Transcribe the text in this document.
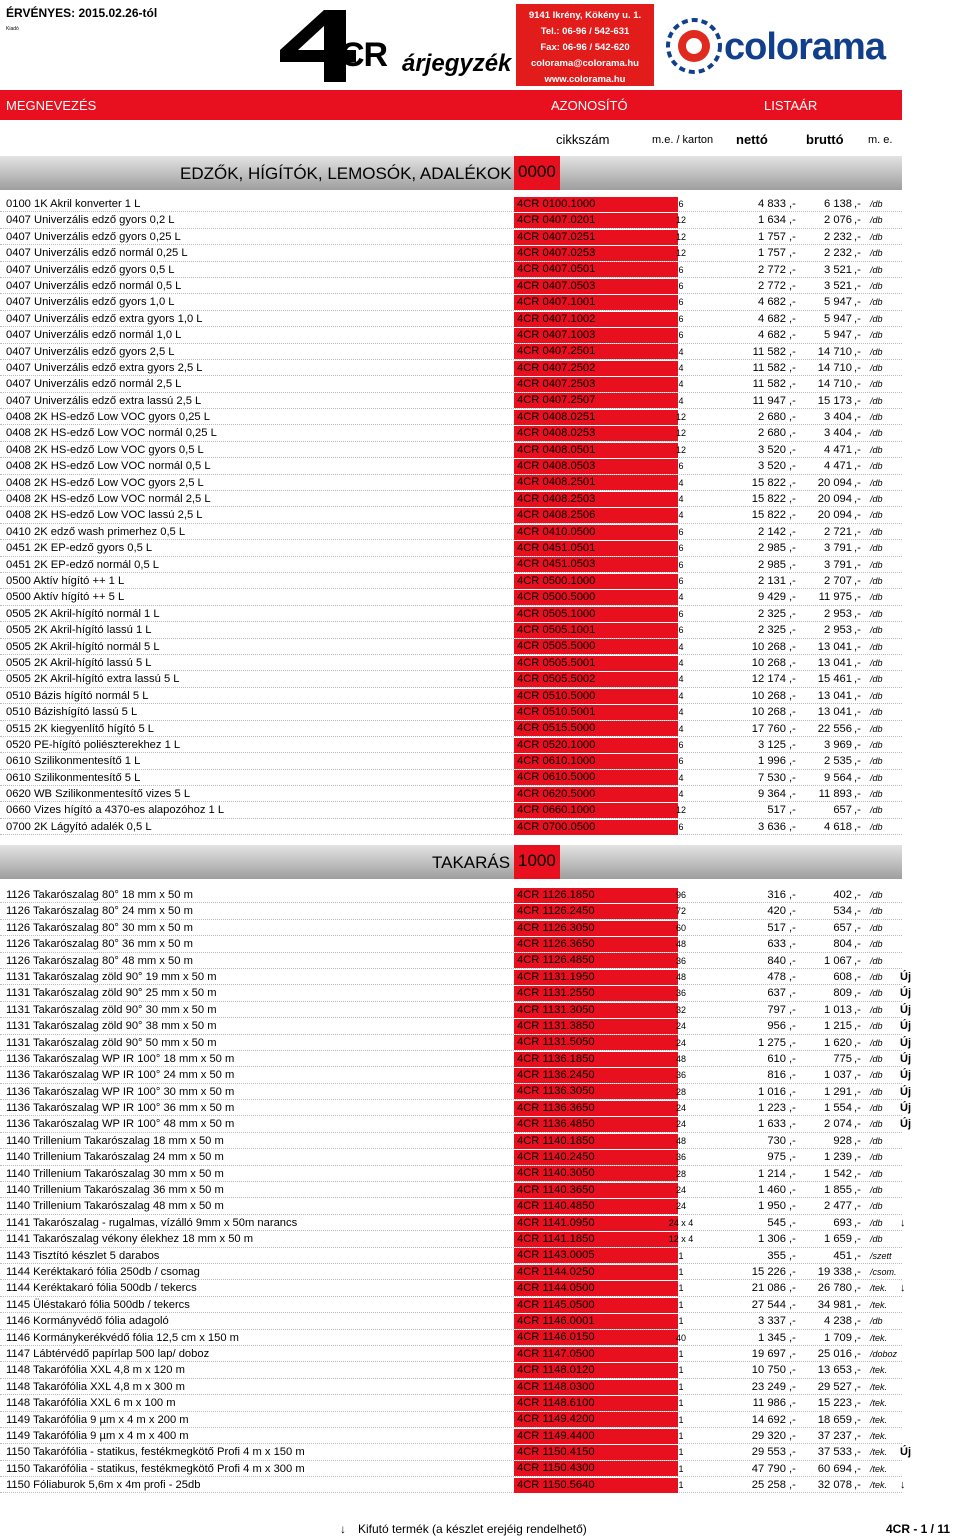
ÉRVÉNYES: 2015.02.26-tól
Kiadó
CR árjegyzék
9141 Ikrény, Kökény u. 1.
Tel.: 06-96 / 542-631
Fax: 06-96 / 542-620
colorama@colorama.hu
www.colorama.hu
colorama
MEGNEVEZÉS	AZONOSÍTÓ	LISTAÁR
cikkszám	m.e. / karton nettó	bruttó m. e.
EDZŐK, HÍGÍTÓK, LEMOSÓK, ADALÉKOK 0000
0100 1K Akril konverter 1 L	4CR 0100.1000	6	4 833	6 138 ,- /db
,-
0407 Univerzális edző gyors 0,2 L	4CR 0407.0201	12	1 634	2 076 ,- /db
,-
0407 Univerzális edző gyors 0,25 L	4CR 0407.0251	12	1 757	2 232 ,- /db
,-
0407 Univerzális edző normál 0,25 L	4CR 0407.0253	12	1 757	2 232 ,- /db
,-
0407 Univerzális edző gyors 0,5 L	4CR 0407.0501	6	2 772	3 521 ,- /db
,-
0407 Univerzális edző normál 0,5 L	4CR 0407.0503	6	2 772	3 521 ,- /db
,-
0407 Univerzális edző gyors 1,0 L	4CR 0407.1001	6	4 682	5 947 ,- /db
,-
0407 Univerzális edző extra gyors 1,0 L	4CR 0407.1002	6	4 682	5 947 ,- /db
,-
0407 Univerzális edző normál 1,0 L	4CR 0407.1003	6	4 682	5 947 ,- /db
,-
0407 Univerzális edző gyors 2,5 L	4CR 0407.2501	4	11 582	14 710 ,- /db
,-
0407 Univerzális edző extra gyors 2,5 L	4CR 0407.2502	4	11 582	14 710 ,- /db
,-
0407 Univerzális edző normál 2,5 L	4CR 0407.2503	4	11 582	14 710 ,- /db
,-
0407 Univerzális edző extra lassú 2,5 L	4CR 0407.2507	4	11 947	15 173 ,- /db
,-
0408 2K HS-edző Low VOC gyors 0,25 L	4CR 0408.0251	12	2 680	3 404 ,- /db
,-
0408 2K HS-edző Low VOC normál 0,25 L	4CR 0408.0253	12	2 680	3 404 ,- /db
,-
0408 2K HS-edző Low VOC gyors 0,5 L	4CR 0408.0501	12	3 520	4 471 ,- /db
,-
0408 2K HS-edző Low VOC normál 0,5 L	4CR 0408.0503	6	3 520	4 471 ,- /db
,-
0408 2K HS-edző Low VOC gyors 2,5 L	4CR 0408.2501	4	15 822	20 094 ,- /db
,-
0408 2K HS-edző Low VOC normál 2,5 L	4CR 0408.2503	4	15 822	20 094 ,- /db
,-
0408 2K HS-edző Low VOC lassú 2,5 L	4CR 0408.2506	4	15 822	20 094 ,- /db
,-
0410 2K edző wash primerhez 0,5 L	4CR 0410.0500	6	2 142	2 721 ,- /db
,-
0451 2K EP-edző gyors 0,5 L	4CR 0451.0501	6	2 985	3 791 ,- /db
,-
0451 2K EP-edző normál 0,5 L	4CR 0451.0503	6	2 985	3 791 ,- /db
,-
0500 Aktív hígító ++ 1 L	4CR 0500.1000	6	2 131	2 707 ,- /db
,-
0500 Aktív hígító ++ 5 L	4CR 0500.5000	4	9 429	11 975 ,- /db
,-
0505 2K Akril-hígító normál 1 L	4CR 0505.1000	6	2 325	2 953 ,- /db
,-
0505 2K Akril-hígító lassú 1 L	4CR 0505.1001	6	2 325	2 953 ,- /db
,-
0505 2K Akril-hígító normál 5 L	4CR 0505.5000	4	10 268	13 041 ,- /db
,-
0505 2K Akril-hígító lassú 5 L	4CR 0505.5001	4	10 268	13 041 ,- /db
,-
0505 2K Akril-hígító extra lassú 5 L	4CR 0505.5002	4	12 174	15 461 ,- /db
,-
0510 Bázis hígító normál 5 L	4CR 0510.5000	4	10 268	13 041 ,- /db
,-
0510 Bázishígító lassú 5 L	4CR 0510.5001	4	10 268	13 041 ,- /db
,-
0515 2K kiegyenlítő hígító 5 L	4CR 0515.5000	4	17 760	22 556 ,- /db
,-
0520 PE-hígító poliészterekhez 1 L	4CR 0520.1000	6	3 125	3 969 ,- /db
,-
0610 Szilikonmentesítő 1 L	4CR 0610.1000	6	1 996	2 535 ,- /db
,-
0610 Szilikonmentesítő 5 L	4CR 0610.5000	4	7 530	9 564 ,- /db
,-
0620 WB Szilikonmentesítő vizes 5 L	4CR 0620.5000	4	9 364	11 893 ,- /db
,-
0660 Vizes hígító a 4370-es alapozóhoz 1 L	4CR 0660.1000	12	517	657 ,- /db
,-
0700 2K Lágyító adalék 0,5 L	4CR 0700.0500	6	3 636	4 618 ,- /db
,-
TAKARÁS 1000
1126 Takarószalag 80° 18 mm x 50 m	4CR 1126.1850	96	316	402 ,- /db
,-
1126 Takarószalag 80° 24 mm x 50 m	4CR 1126.2450	72	420	534 ,- /db
,-
1126 Takarószalag 80° 30 mm x 50 m	4CR 1126.3050	60	517	657 ,- /db
,-
1126 Takarószalag 80° 36 mm x 50 m	4CR 1126.3650	48	633	804 ,- /db
,-
1126 Takarószalag 80° 48 mm x 50 m	4CR 1126.4850	36	840	1 067 ,- /db
,-
1131 Takarószalag zöld 90° 19 mm x 50 m	4CR 1131.1950	48	478	608 ,- /db Új
,-
1131 Takarószalag zöld 90° 25 mm x 50 m	4CR 1131.2550	36	637	809 ,- /db Új
,-
1131 Takarószalag zöld 90° 30 mm x 50 m	4CR 1131.3050	32	797	1 013 ,- /db Új
,-
1131 Takarószalag zöld 90° 38 mm x 50 m	4CR 1131.3850	24	956	1 215 ,- /db Új
,-
1131 Takarószalag zöld 90° 50 mm x 50 m	4CR 1131.5050	24	1 275	1 620 ,- /db Új
,-
1136 Takarószalag WP IR 100° 18 mm x 50 m	4CR 1136.1850	48	610	775 ,- /db Új
,-
1136 Takarószalag WP IR 100° 24 mm x 50 m	4CR 1136.2450	36	816	1 037 ,- /db Új
,-
1136 Takarószalag WP IR 100° 30 mm x 50 m	4CR 1136.3050	28	1 016	1 291 ,- /db Új
,-
1136 Takarószalag WP IR 100° 36 mm x 50 m	4CR 1136.3650	24	1 223	1 554 ,- /db Új
,-
1136 Takarószalag WP IR 100° 48 mm x 50 m	4CR 1136.4850	24	1 633	2 074 ,- /db Új
,-
1140 Trillenium Takarószalag 18 mm x 50 m	4CR 1140.1850	48	730	928 ,- /db
,-
1140 Trillenium Takarószalag 24 mm x 50 m	4CR 1140.2450	36	975	1 239 ,- /db
,-
1140 Trillenium Takarószalag 30 mm x 50 m	4CR 1140.3050	28	1 214	1 542 ,- /db
,-
1140 Trillenium Takarószalag 36 mm x 50 m	4CR 1140.3650	24	1 460	1 855 ,- /db
,-
1140 Trillenium Takarószalag 48 mm x 50 m	4CR 1140.4850	24	1 950	2 477 ,- /db
,-
1141 Takarószalag - rugalmas, vízálló 9mm x 50m narancs	4CR 1141.0950	24 x 4	545	693 ,- /db ↓
,-
1141 Takarószalag vékony élekhez 18 mm x 50 m	4CR 1141.1850	12 x 4	1 306	1 659 ,- /db
,-
1143 Tisztító készlet 5 darabos	4CR 1143.0005	1	355	451 ,- /szett
,-
1144 Keréktakaró fólia 250db / csomag	4CR 1144.0250	1	15 226	19 338 ,- /csom.
,-
1144 Keréktakaró fólia 500db / tekercs	4CR 1144.0500	1	21 086	26 780 ,- /tek. ↓
,-
1145 Üléstakaró fólia 500db / tekercs	4CR 1145.0500	1	27 544	34 981 ,- /tek.
,-
1146 Kormányvédő fólia adagoló	4CR 1146.0001	1	3 337	4 238 ,- /db
,-
1146 Kormánykerékvédő fólia 12,5 cm x 150 m	4CR 1146.0150	40	1 345	1 709 ,- /tek.
,-
1147 Lábtérvédő papírlap 500 lap/ doboz	4CR 1147.0500	1	19 697	25 016 ,- /doboz
,-
1148 Takarófólia XXL 4,8 m x 120 m	4CR 1148.0120	1	10 750	13 653 ,- /tek.
,-
1148 Takarófólia XXL 4,8 m x 300 m	4CR 1148.0300	1	23 249	29 527 ,- /tek.
,-
1148 Takarófólia XXL 6 m x 100 m	4CR 1148.6100	1	11 986	15 223 ,- /tek.
,-
1149 Takarófólia 9 µm x 4 m x 200 m	4CR 1149.4200	1	14 692	18 659 ,- /tek.
,-
1149 Takarófólia 9 µm x 4 m x 400 m	4CR 1149.4400	1	29 320	37 237 ,- /tek.
,-
1150 Takarófólia - statikus, festékmegkötő Profi 4 m x 150 m	4CR 1150.4150	1	29 553	37 533 ,- /tek. Új
,-
1150 Takarófólia - statikus, festékmegkötő Profi 4 m x 300 m	4CR 1150.4300	1	47 790	60 694 ,- /tek.
,-
1150 Fóliaburok 5,6m x 4m profi - 25db	4CR 1150.5640	1	25 258	32 078 ,- /tek. ↓
,-
↓ Kifutó termék (a készlet erejéig rendelhető)	4CR - 1 / 11
